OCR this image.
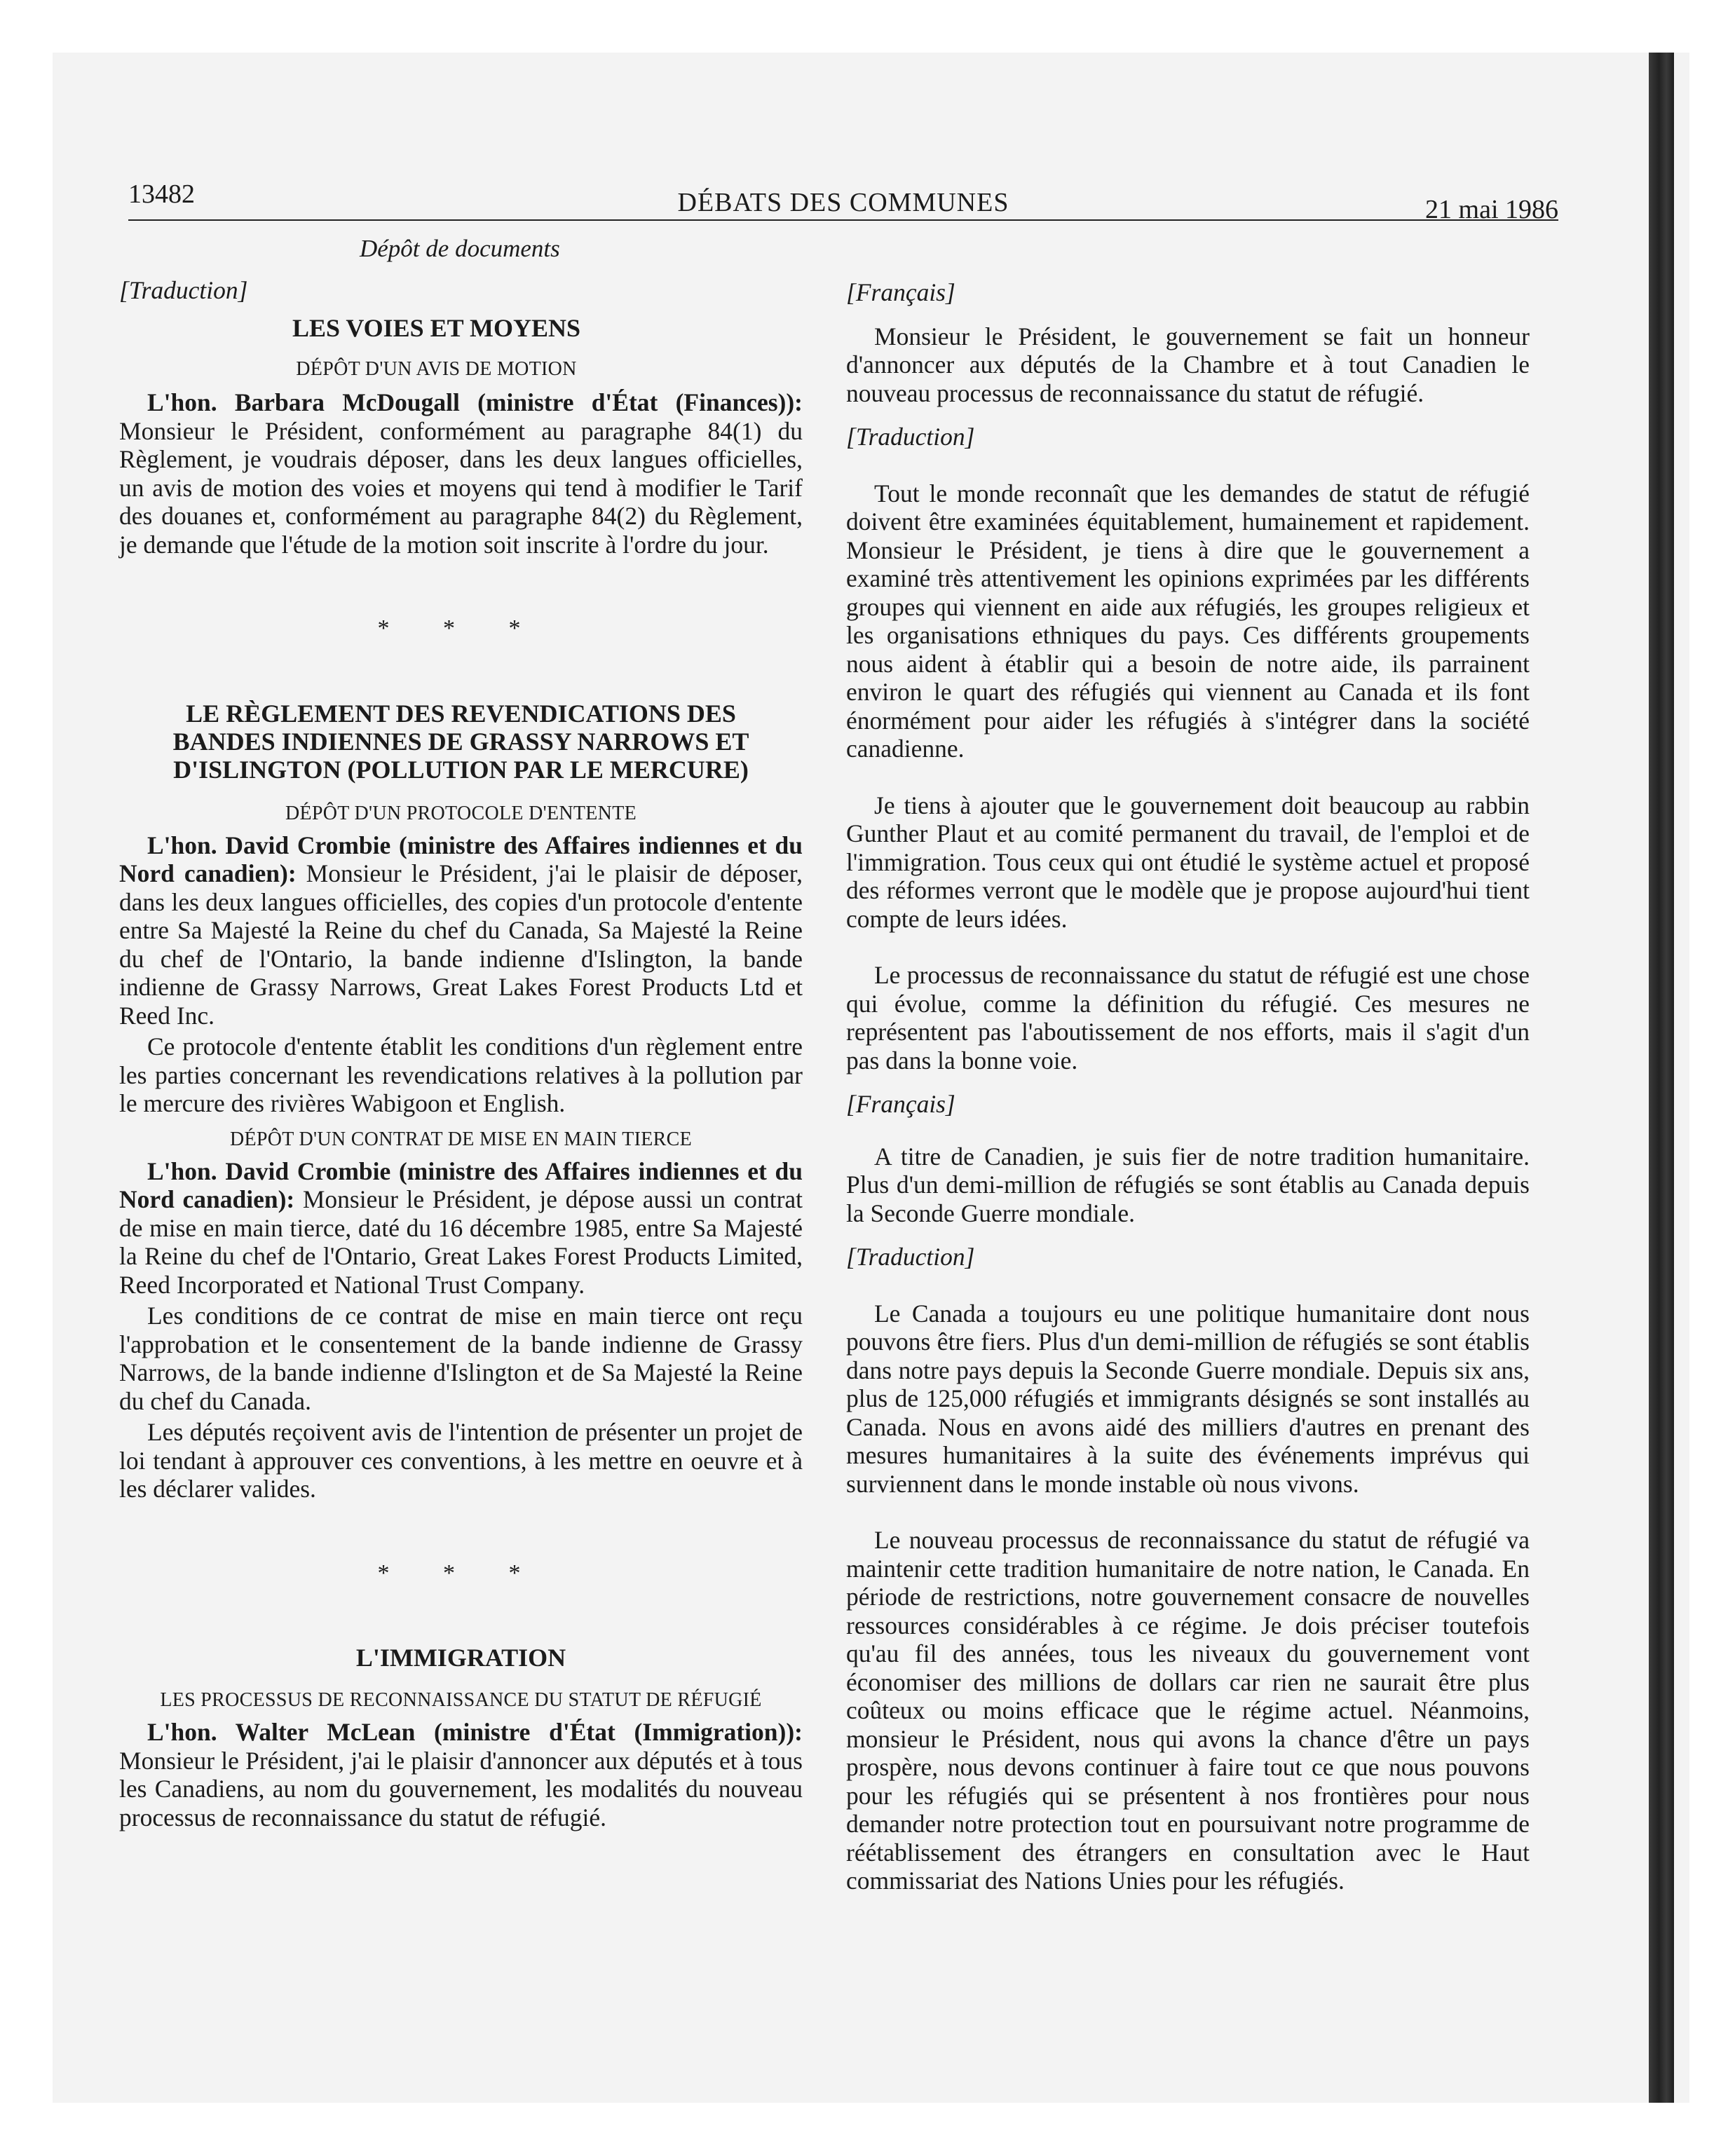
13482	DÉBATS DES COMMUNES	21 mai 1986

Dépôt de documents

[Traduction]

LES VOIES ET MOYENS

DÉPÔT D'UN AVIS DE MOTION

L'hon. Barbara McDougall (ministre d'État (Finances)): Monsieur le Président, conformément au paragraphe 84(1) du Règlement, je voudrais déposer, dans les deux langues officielles, un avis de motion des voies et moyens qui tend à modifier le Tarif des douanes et, conformément au paragraphe 84(2) du Règlement, je demande que l'étude de la motion soit inscrite à l'ordre du jour.

* * *

LE RÈGLEMENT DES REVENDICATIONS DES BANDES INDIENNES DE GRASSY NARROWS ET D'ISLINGTON (POLLUTION PAR LE MERCURE)

DÉPÔT D'UN PROTOCOLE D'ENTENTE

L'hon. David Crombie (ministre des Affaires indiennes et du Nord canadien): Monsieur le Président, j'ai le plaisir de déposer, dans les deux langues officielles, des copies d'un protocole d'entente entre Sa Majesté la Reine du chef du Canada, Sa Majesté la Reine du chef de l'Ontario, la bande indienne d'Islington, la bande indienne de Grassy Narrows, Great Lakes Forest Products Ltd et Reed Inc.

Ce protocole d'entente établit les conditions d'un règlement entre les parties concernant les revendications relatives à la pollution par le mercure des rivières Wabigoon et English.

DÉPÔT D'UN CONTRAT DE MISE EN MAIN TIERCE

L'hon. David Crombie (ministre des Affaires indiennes et du Nord canadien): Monsieur le Président, je dépose aussi un contrat de mise en main tierce, daté du 16 décembre 1985, entre Sa Majesté la Reine du chef de l'Ontario, Great Lakes Forest Products Limited, Reed Incorporated et National Trust Company.

Les conditions de ce contrat de mise en main tierce ont reçu l'approbation et le consentement de la bande indienne de Grassy Narrows, de la bande indienne d'Islington et de Sa Majesté la Reine du chef du Canada.

Les députés reçoivent avis de l'intention de présenter un projet de loi tendant à approuver ces conventions, à les mettre en oeuvre et à les déclarer valides.

* * *

L'IMMIGRATION

LES PROCESSUS DE RECONNAISSANCE DU STATUT DE RÉFUGIÉ

L'hon. Walter McLean (ministre d'État (Immigration)): Monsieur le Président, j'ai le plaisir d'annoncer aux députés et à tous les Canadiens, au nom du gouvernement, les modalités du nouveau processus de reconnaissance du statut de réfugié.

[Français]

Monsieur le Président, le gouvernement se fait un honneur d'annoncer aux députés de la Chambre et à tout Canadien le nouveau processus de reconnaissance du statut de réfugié.

[Traduction]

Tout le monde reconnaît que les demandes de statut de réfugié doivent être examinées équitablement, humainement et rapidement. Monsieur le Président, je tiens à dire que le gouvernement a examiné très attentivement les opinions exprimées par les différents groupes qui viennent en aide aux réfugiés, les groupes religieux et les organisations ethniques du pays. Ces différents groupements nous aident à établir qui a besoin de notre aide, ils parrainent environ le quart des réfugiés qui viennent au Canada et ils font énormément pour aider les réfugiés à s'intégrer dans la société canadienne.

Je tiens à ajouter que le gouvernement doit beaucoup au rabbin Gunther Plaut et au comité permanent du travail, de l'emploi et de l'immigration. Tous ceux qui ont étudié le système actuel et proposé des réformes verront que le modèle que je propose aujourd'hui tient compte de leurs idées.

Le processus de reconnaissance du statut de réfugié est une chose qui évolue, comme la définition du réfugié. Ces mesures ne représentent pas l'aboutissement de nos efforts, mais il s'agit d'un pas dans la bonne voie.

[Français]

A titre de Canadien, je suis fier de notre tradition humanitaire. Plus d'un demi-million de réfugiés se sont établis au Canada depuis la Seconde Guerre mondiale.

[Traduction]

Le Canada a toujours eu une politique humanitaire dont nous pouvons être fiers. Plus d'un demi-million de réfugiés se sont établis dans notre pays depuis la Seconde Guerre mondiale. Depuis six ans, plus de 125,000 réfugiés et immigrants désignés se sont installés au Canada. Nous en avons aidé des milliers d'autres en prenant des mesures humanitaires à la suite des événements imprévus qui surviennent dans le monde instable où nous vivons.

Le nouveau processus de reconnaissance du statut de réfugié va maintenir cette tradition humanitaire de notre nation, le Canada. En période de restrictions, notre gouvernement consacre de nouvelles ressources considérables à ce régime. Je dois préciser toutefois qu'au fil des années, tous les niveaux du gouvernement vont économiser des millions de dollars car rien ne saurait être plus coûteux ou moins efficace que le régime actuel. Néanmoins, monsieur le Président, nous qui avons la chance d'être un pays prospère, nous devons continuer à faire tout ce que nous pouvons pour les réfugiés qui se présentent à nos frontières pour nous demander notre protection tout en poursuivant notre programme de réétablissement des étrangers en consultation avec le Haut commissariat des Nations Unies pour les réfugiés.
